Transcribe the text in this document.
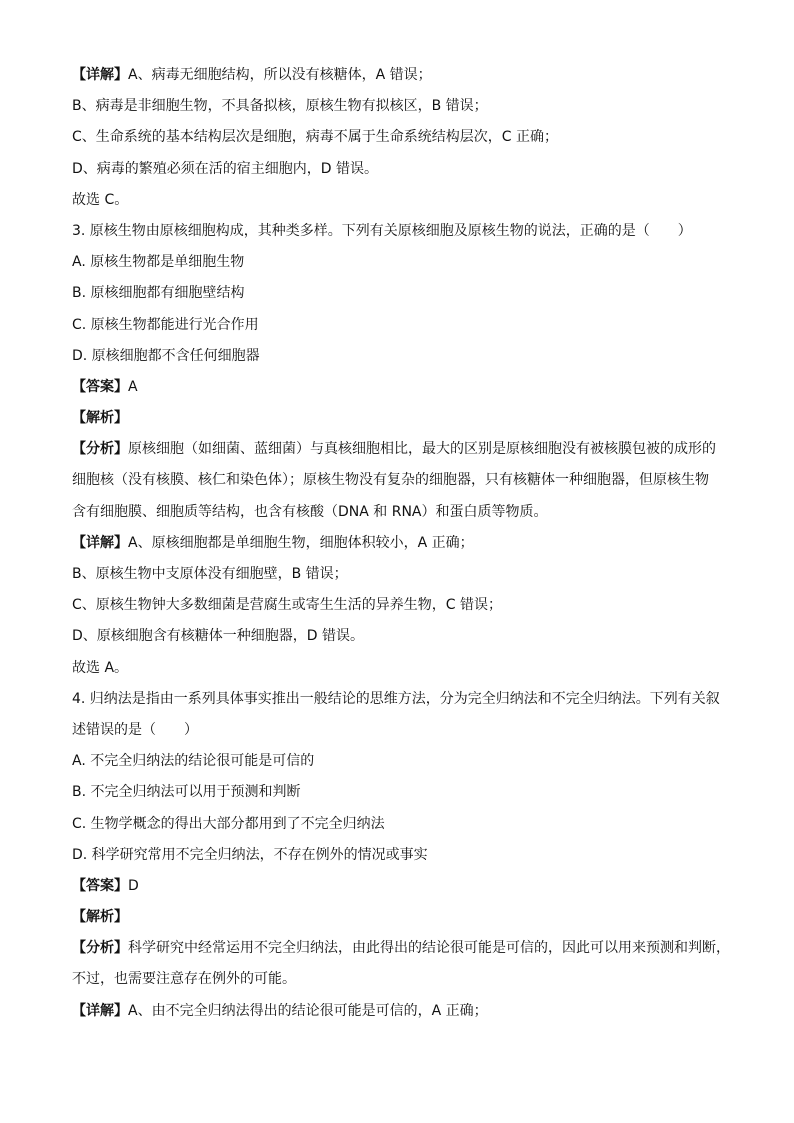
【详解】A、病毒无细胞结构，所以没有核糖体，A 错误；
B、病毒是非细胞生物，不具备拟核，原核生物有拟核区，B 错误；
C、生命系统的基本结构层次是细胞，病毒不属于生命系统结构层次，C 正确；
D、病毒的繁殖必须在活的宿主细胞内，D 错误。
故选 C。
3. 原核生物由原核细胞构成，其种类多样。下列有关原核细胞及原核生物的说法，正确的是（　　）
A. 原核生物都是单细胞生物
B. 原核细胞都有细胞壁结构
C. 原核生物都能进行光合作用
D. 原核细胞都不含任何细胞器
【答案】A
【解析】
【分析】原核细胞（如细菌、蓝细菌）与真核细胞相比，最大的区别是原核细胞没有被核膜包被的成形的
细胞核（没有核膜、核仁和染色体）；原核生物没有复杂的细胞器，只有核糖体一种细胞器，但原核生物
含有细胞膜、细胞质等结构，也含有核酸（DNA 和 RNA）和蛋白质等物质。
【详解】A、原核细胞都是单细胞生物，细胞体积较小，A 正确；
B、原核生物中支原体没有细胞壁，B 错误；
C、原核生物钟大多数细菌是营腐生或寄生生活的异养生物，C 错误；
D、原核细胞含有核糖体一种细胞器，D 错误。
故选 A。
4. 归纳法是指由一系列具体事实推出一般结论的思维方法，分为完全归纳法和不完全归纳法。下列有关叙
述错误的是（　　）
A. 不完全归纳法的结论很可能是可信的
B. 不完全归纳法可以用于预测和判断
C. 生物学概念的得出大部分都用到了不完全归纳法
D. 科学研究常用不完全归纳法，不存在例外的情况或事实
【答案】D
【解析】
【分析】科学研究中经常运用不完全归纳法，由此得出的结论很可能是可信的，因此可以用来预测和判断，
不过，也需要注意存在例外的可能。
【详解】A、由不完全归纳法得出的结论很可能是可信的，A 正确；
